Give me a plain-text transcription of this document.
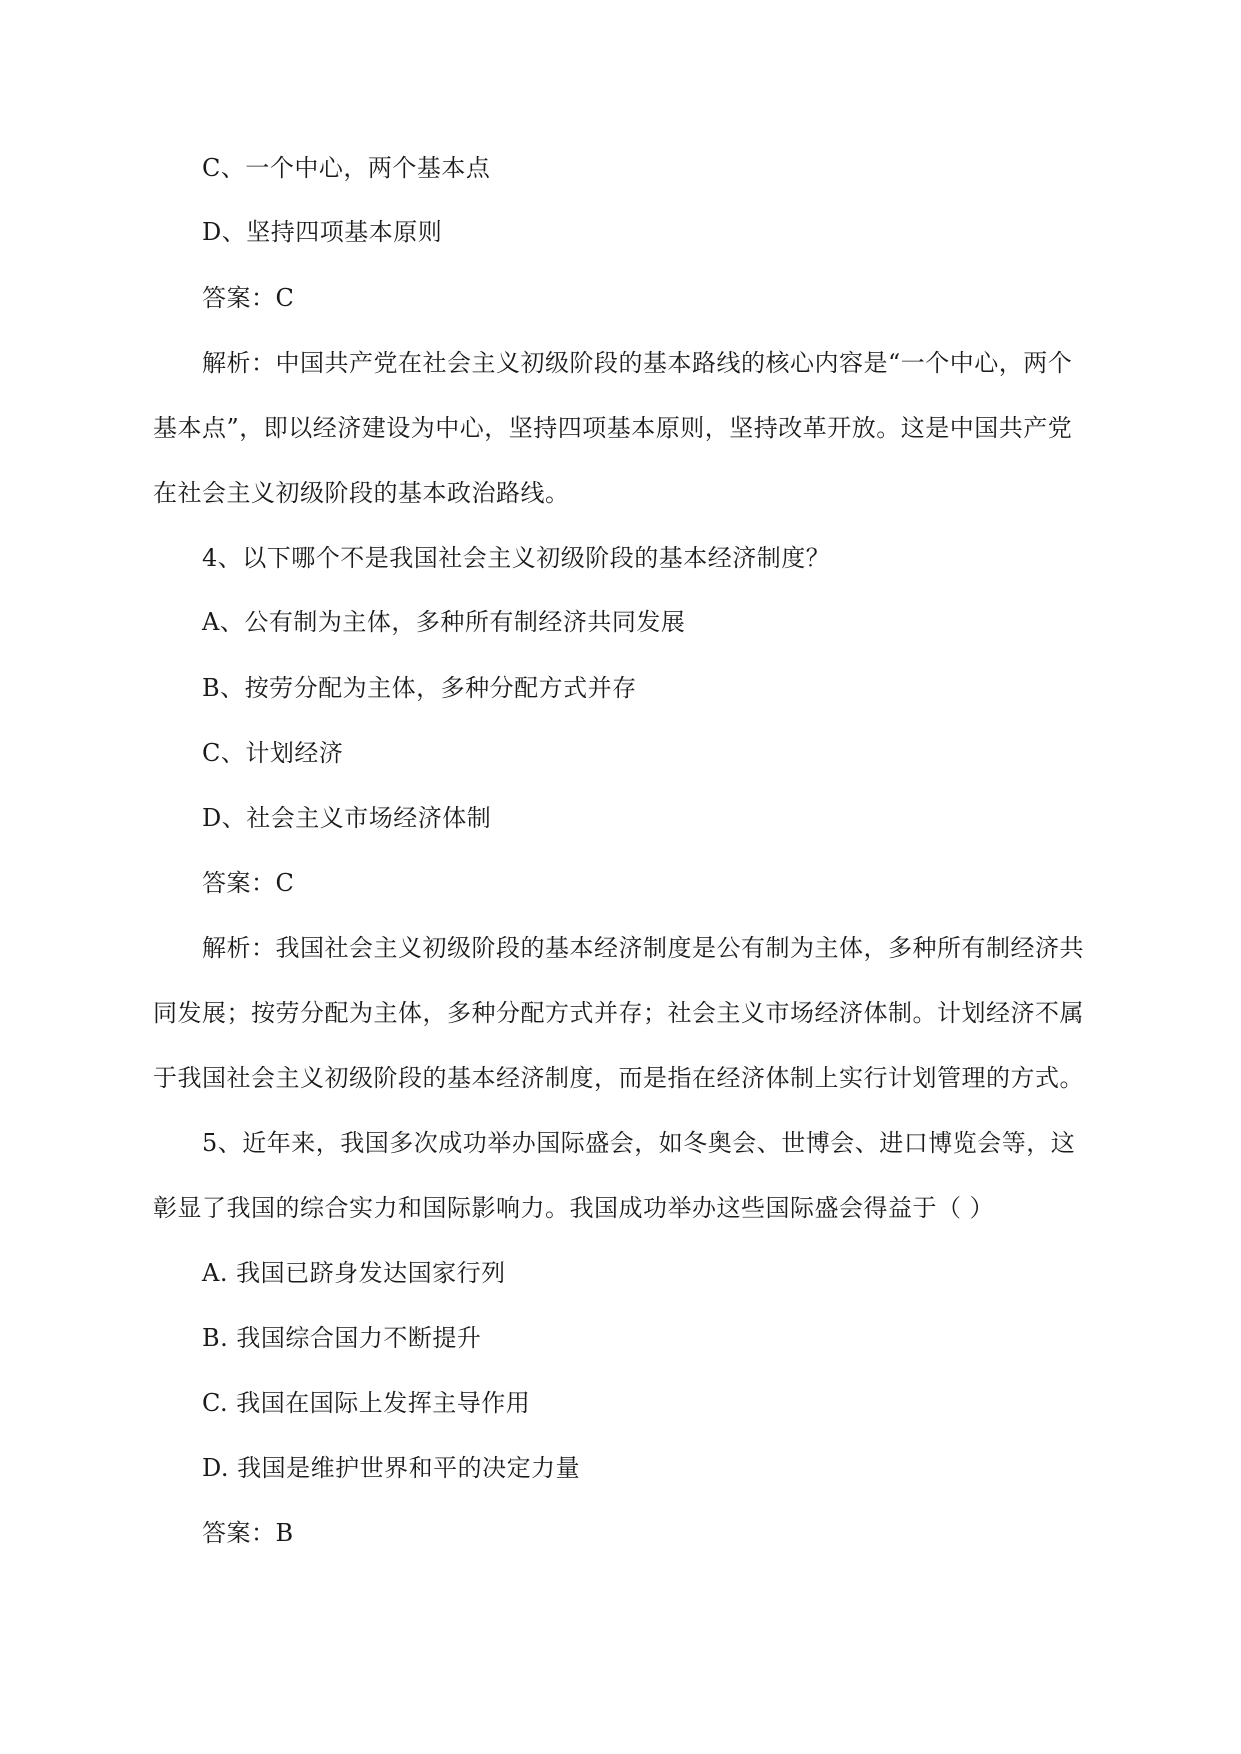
C、一个中心，两个基本点
D、坚持四项基本原则
答案：C
解析：中国共产党在社会主义初级阶段的基本路线的核心内容是“一个中心，两个
基本点”，即以经济建设为中心，坚持四项基本原则，坚持改革开放。这是中国共产党
在社会主义初级阶段的基本政治路线。
4、以下哪个不是我国社会主义初级阶段的基本经济制度？
A、公有制为主体，多种所有制经济共同发展
B、按劳分配为主体，多种分配方式并存
C、计划经济
D、社会主义市场经济体制
答案：C
解析：我国社会主义初级阶段的基本经济制度是公有制为主体，多种所有制经济共
同发展；按劳分配为主体，多种分配方式并存；社会主义市场经济体制。计划经济不属
于我国社会主义初级阶段的基本经济制度，而是指在经济体制上实行计划管理的方式。
5、近年来，我国多次成功举办国际盛会，如冬奥会、世博会、进口博览会等，这
彰显了我国的综合实力和国际影响力。我国成功举办这些国际盛会得益于（ ）
A. 我国已跻身发达国家行列
B. 我国综合国力不断提升
C. 我国在国际上发挥主导作用
D. 我国是维护世界和平的决定力量
答案：B
